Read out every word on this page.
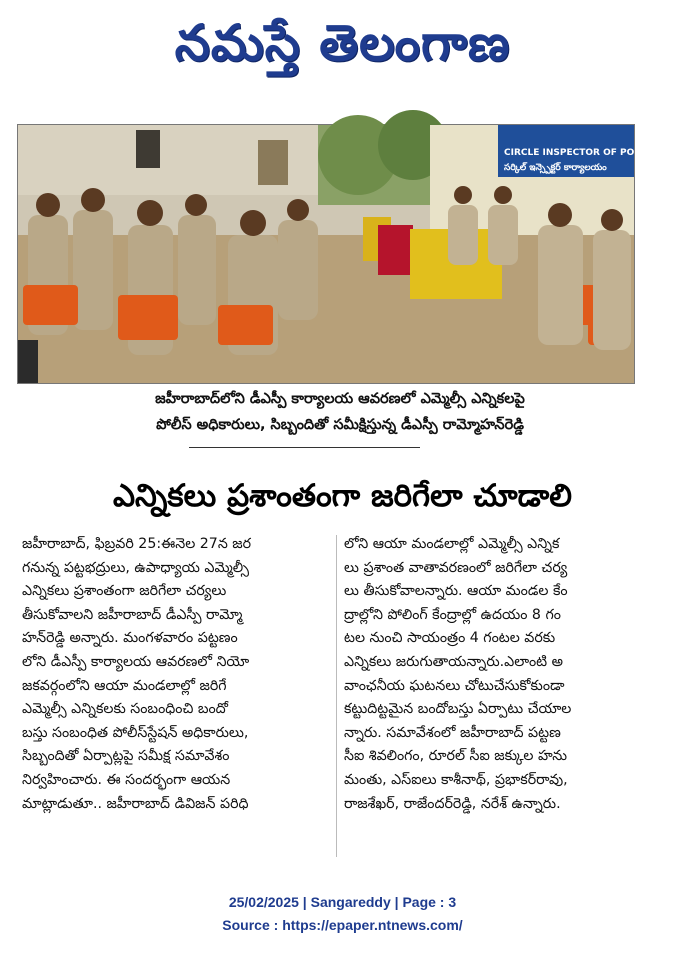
నమస్తే తెలంగాణ
CIRCLE INSPECTOR OF POLICE
సర్కిల్ ఇన్స్పెక్టర్ కార్యాలయం
జహీరాబాద్‌లోని డీఎస్పీ కార్యాలయ ఆవరణలో ఎమ్మెల్సీ ఎన్నికలపై
పోలీస్ అధికారులు, సిబ్బందితో సమీక్షిస్తున్న డీఎస్పీ రామ్మోహన్‌రెడ్డి
ఎన్నికలు ప్రశాంతంగా జరిగేలా చూడాలి

జహీరాబాద్, ఫిబ్రవరి 25:ఈనెల 27న జర
గనున్న పట్టభద్రులు, ఉపాధ్యాయ ఎమ్మెల్సీ
ఎన్నికలు ప్రశాంతంగా జరిగేలా చర్యలు
తీసుకోవాలని జహీరాబాద్ డీఎస్పీ రామ్మో
హన్‌రెడ్డి అన్నారు. మంగళవారం పట్టణం
లోని డీఎస్పీ కార్యాలయ ఆవరణలో నియో
జకవర్గంలోని ఆయా మండలాల్లో జరిగే
ఎమ్మెల్సీ ఎన్నికలకు సంబంధించి బందో
బస్తు సంబంధిత పోలీస్‌స్టేషన్ అధికారులు,
సిబ్బందితో ఏర్పాట్లపై సమీక్ష సమావేశం
నిర్వహించారు. ఈ సందర్భంగా ఆయన
మాట్లాడుతూ.. జహీరాబాద్ డివిజన్ పరిధి

లోని ఆయా మండలాల్లో ఎమ్మెల్సీ ఎన్నిక
లు ప్రశాంత వాతావరణంలో జరిగేలా చర్య
లు తీసుకోవాలన్నారు. ఆయా మండల కేం
ద్రాల్లోని పోలింగ్ కేంద్రాల్లో ఉదయం 8 గం
టల నుంచి సాయంత్రం 4 గంటల వరకు
ఎన్నికలు జరుగుతాయన్నారు.ఎలాంటి అ
వాంఛనీయ ఘటనలు చోటుచేసుకోకుండా
కట్టుదిట్టమైన బందోబస్తు ఏర్పాటు చేయాల
న్నారు. సమావేశంలో జహీరాబాద్ పట్టణ
సీఐ శివలింగం, రూరల్ సీఐ జక్కుల హను
మంతు, ఎస్ఐలు కాశీనాథ్, ప్రభాకర్‌రావు,
రాజశేఖర్, రాజేందర్‌రెడ్డి, నరేశ్ ఉన్నారు.

25/02/2025 | Sangareddy | Page : 3
Source : https://epaper.ntnews.com/
